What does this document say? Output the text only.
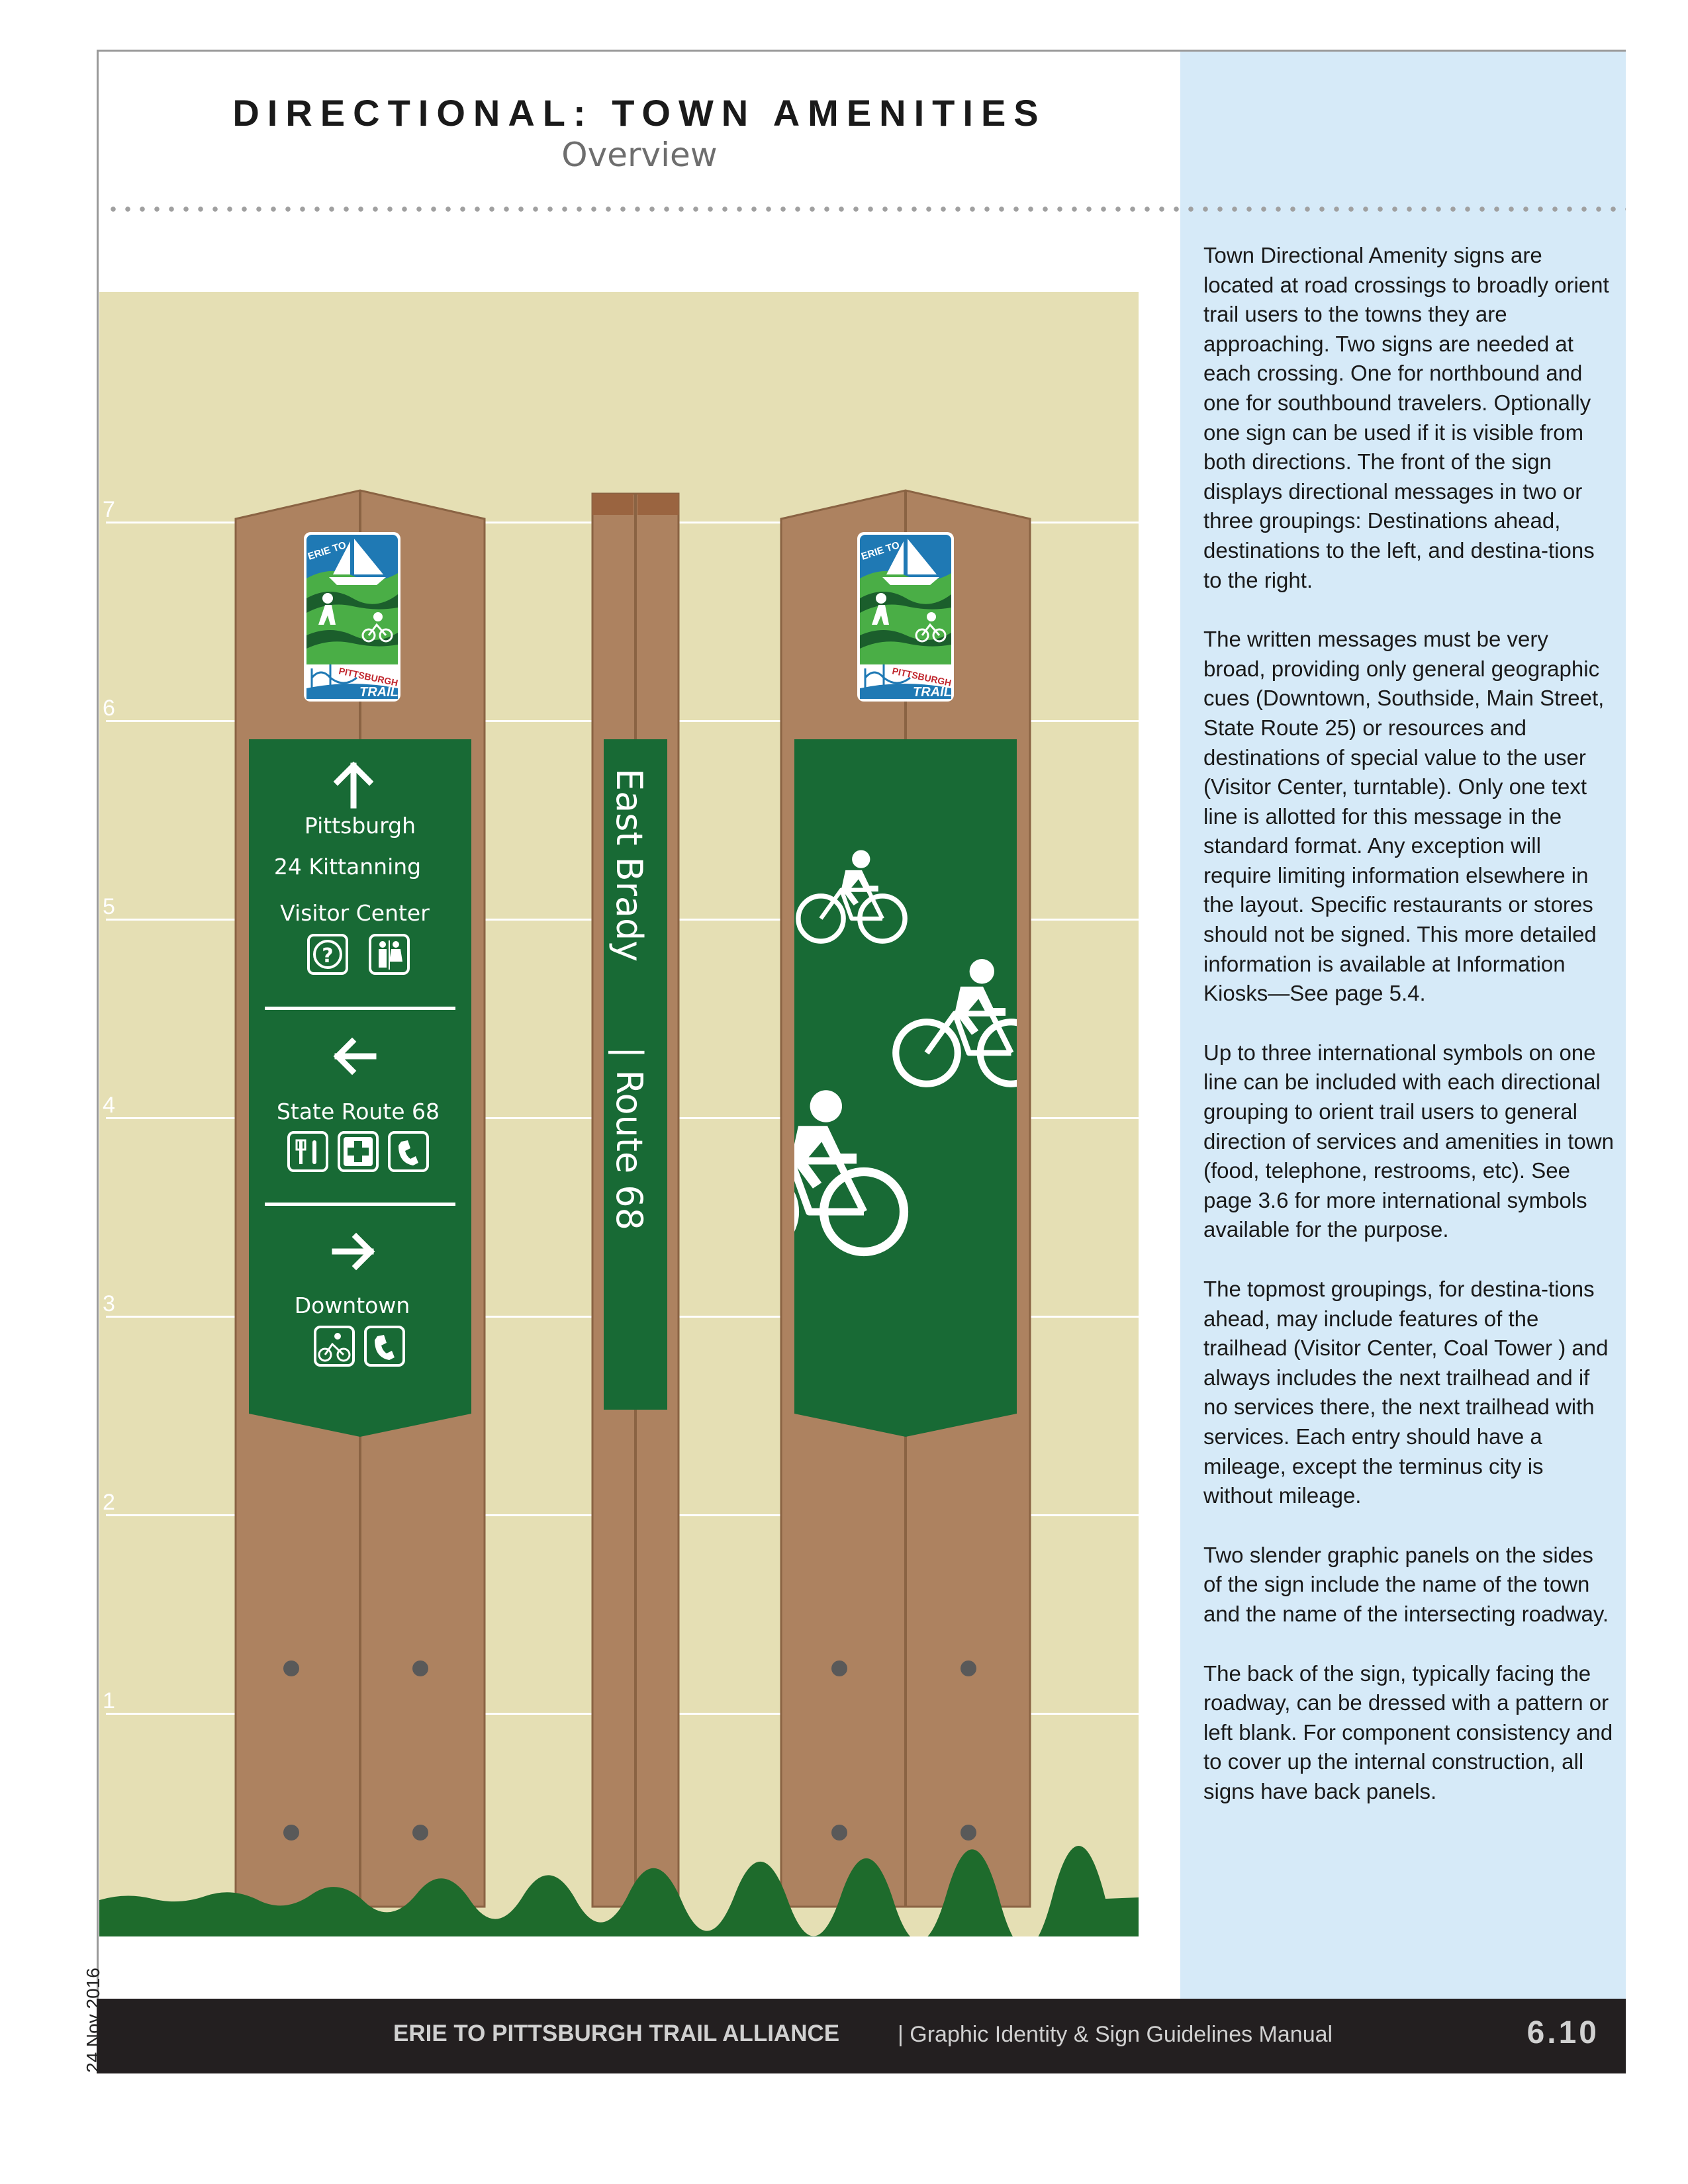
DIRECTIONAL: TOWN AMENITIES
Overview

Town Directional Amenity signs are located at road crossings to broadly orient trail users to the towns they are approaching. Two signs are needed at each crossing. One for northbound and one for southbound travelers. Optionally one sign can be used if it is visible from both directions. The front of the sign displays directional messages in two or three groupings: Destinations ahead, destinations to the left, and destina-tions to the right.

The written messages must be very broad, providing only general geographic cues (Downtown, Southside, Main Street, State Route 25) or resources and destinations of special value to the user (Visitor Center, turntable). Only one text line is allotted for this message in the standard format. Any exception will require limiting information elsewhere in the layout. Specific restaurants or stores should not be signed. This more detailed information is available at Information Kiosks—See page 5.4.

Up to three international symbols on one line can be included with each directional grouping to orient trail users to general direction of services and amenities in town (food, telephone, restrooms, etc). See page 3.6 for more international symbols available for the purpose.

The topmost groupings, for destina-tions ahead, may include features of the trailhead (Visitor Center, Coal Tower ) and always includes the next trailhead and if no services there, the next trailhead with services. Each entry should have a mileage, except the terminus city is without mileage.

Two slender graphic panels on the sides of the sign include the name of the town and the name of the intersecting roadway.

The back of the sign, typically facing the roadway, can be dressed with a pattern or left blank. For component consistency and to cover up the internal construction, all signs have back panels.

7
6
5
4
3
2
1
Pittsburgh
24 Kittanning
Visitor Center
?
State Route 68
Downtown
East Brady
| Route 68
ERIE TO PITTSBURGH TRAIL ALLIANCE	| Graphic Identity & Sign Guidelines Manual	6.10
24 Nov 2016
